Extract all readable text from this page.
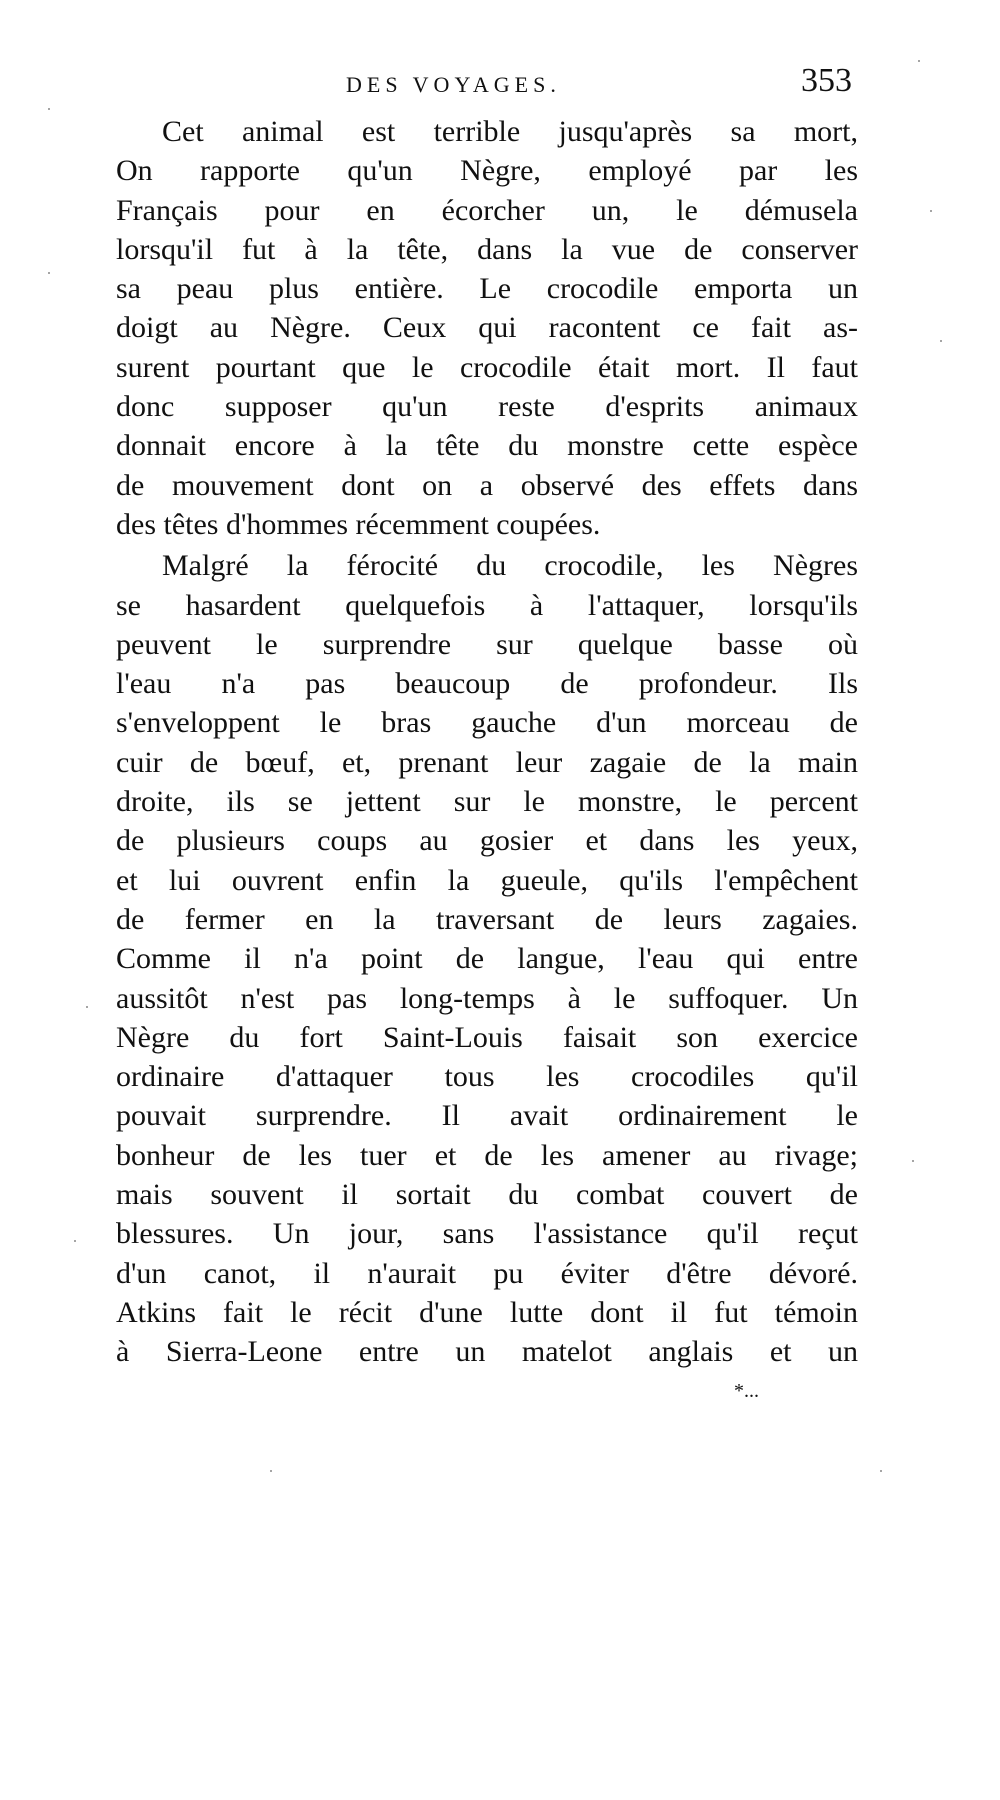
DES VOYAGES.	353
Cet animal est terrible jusqu'après sa mort,
On rapporte qu'un Nègre, employé par les
Français pour en écorcher un, le démusela
lorsqu'il fut à la tête, dans la vue de conserver
sa peau plus entière. Le crocodile emporta un
doigt au Nègre. Ceux qui racontent ce fait as-
surent pourtant que le crocodile était mort. Il faut
donc supposer qu'un reste d'esprits animaux
donnait encore à la tête du monstre cette espèce
de mouvement dont on a observé des effets dans
des têtes d'hommes récemment coupées.
Malgré la férocité du crocodile, les Nègres
se hasardent quelquefois à l'attaquer, lorsqu'ils
peuvent le surprendre sur quelque basse où
l'eau n'a pas beaucoup de profondeur. Ils
s'enveloppent le bras gauche d'un morceau de
cuir de bœuf, et, prenant leur zagaie de la main
droite, ils se jettent sur le monstre, le percent
de plusieurs coups au gosier et dans les yeux,
et lui ouvrent enfin la gueule, qu'ils l'empêchent
de fermer en la traversant de leurs zagaies.
Comme il n'a point de langue, l'eau qui entre
aussitôt n'est pas long-temps à le suffoquer. Un
Nègre du fort Saint-Louis faisait son exercice
ordinaire d'attaquer tous les crocodiles qu'il
pouvait surprendre. Il avait ordinairement le
bonheur de les tuer et de les amener au rivage;
mais souvent il sortait du combat couvert de
blessures. Un jour, sans l'assistance qu'il reçut
d'un canot, il n'aurait pu éviter d'être dévoré.
Atkins fait le récit d'une lutte dont il fut témoin
à Sierra-Leone entre un matelot anglais et un
*...
